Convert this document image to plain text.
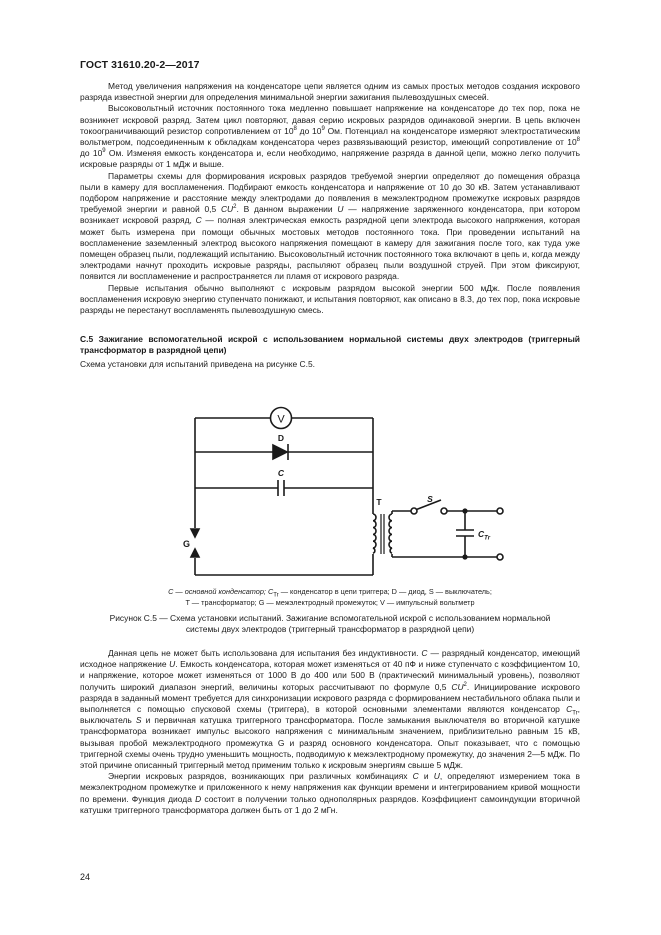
ГОСТ 31610.20-2—2017

Метод увеличения напряжения на конденсаторе цепи является одним из самых простых методов создания искрового разряда известной энергии для определения минимальной энергии зажигания пылевоздушных смесей.

Высоковольтный источник постоянного тока медленно повышает напряжение на конденсаторе до тех пор, пока не возникнет искровой разряд. Затем цикл повторяют, давая серию искровых разрядов одинаковой энергии. В цепь включен токоограничивающий резистор сопротивлением от $10^8$ до $10^9$ Ом. Потенциал на конденсаторе измеряют электростатическим вольтметром, подсоединенным к обкладкам конденсатора через развязывающий резистор, имеющий сопротивление от $10^8$ до $10^9$ Ом. Изменяя емкость конденсатора и, если необходимо, напряжение разряда в данной цепи, можно легко получить искровые разряды от 1 мДж и выше.

Параметры схемы для формирования искровых разрядов требуемой энергии определяют до помещения образца пыли в камеру для воспламенения. Подбирают емкость конденсатора и напряжение от 10 до 30 кВ. Затем устанавливают подбором напряжение и расстояние между электродами до появления в межэлектродном промежутке искровых разрядов требуемой энергии и равной 0,5 $CU^2$. В данном выражении U — напряжение заряженного конденсатора, при котором возникает искровой разряд, C — полная электрическая емкость разрядной цепи электрода высокого напряжения, которая может быть измерена при помощи обычных мостовых методов постоянного тока. При проведении испытаний на воспламенение заземленный электрод высокого напряжения помещают в камеру для зажигания после того, как туда уже помещен образец пыли, подлежащий испытанию. Высоковольтный источник постоянного тока включают в цепь и, когда между электродами начнут проходить искровые разряды, распыляют образец пыли воздушной струей. При этом фиксируют, появится ли воспламенение и распространяется ли пламя от искрового разряда.

Первые испытания обычно выполняют с искровым разрядом высокой энергии 500 мДж. После появления воспламенения искровую энергию ступенчато понижают, и испытания повторяют, как описано в 8.3, до тех пор, пока искровые разряды не перестанут воспламенять пылевоздушную смесь.

С.5 Зажигание вспомогательной искрой с использованием нормальной системы двух электродов (триггерный трансформатор в разрядной цепи)

Схема установки для испытаний приведена на рисунке С.5.

V
G
D
C
T	S
$C_{Tr}$
C — основной конденсатор; $C_{Tr}$ — конденсатор в цепи триггера; D — диод, S — выключатель;
T — трансформатор; G — межэлектродный промежуток; V — импульсный вольтметр
Рисунок С.5 — Схема установки испытаний. Зажигание вспомогательной искрой с использованием нормальной
системы двух электродов (триггерный трансформатор в разрядной цепи)

Данная цепь не может быть использована для испытания без индуктивности. C — разрядный конденсатор, имеющий исходное напряжение U. Емкость конденсатора, которая может изменяться от 40 пФ и ниже ступенчато с коэффициентом 10, и напряжение, которое может изменяться от 1000 В до 400 или 500 В (практический минимальный уровень), позволяют получить широкий диапазон энергий, величины которых рассчитывают по формуле 0,5 $CU^2$. Инициирование искрового разряда в заданный момент требуется для синхронизации искрового разряда с формированием нестабильного облака пыли и выполняется с помощью спусковой схемы (триггера), в которой основными элементами являются конденсатор $C_{Tr}$, выключатель S и первичная катушка триггерного трансформатора. После замыкания выключателя во вторичной катушке трансформатора возникает импульс высокого напряжения с минимальным значением, приблизительно равным 15 кВ, вызывая пробой межэлектродного промежутка G и разряд основного конденсатора. Опыт показывает, что с помощью триггерной схемы очень трудно уменьшить мощность, подводимую к межэлектродному промежутку, до значения 2—5 мДж. По этой причине описанный триггерный метод применим только к искровым энергиям свыше 5 мДж.

Энергии искровых разрядов, возникающих при различных комбинациях C и U, определяют измерением тока в межэлектродном промежутке и приложенного к нему напряжения как функции времени и интегрированием кривой мощности по времени. Функция диода D состоит в получении только однополярных разрядов. Коэффициент самоиндукции вторичной катушки триггерного трансформатора должен быть от 1 до 2 мГн.

24
